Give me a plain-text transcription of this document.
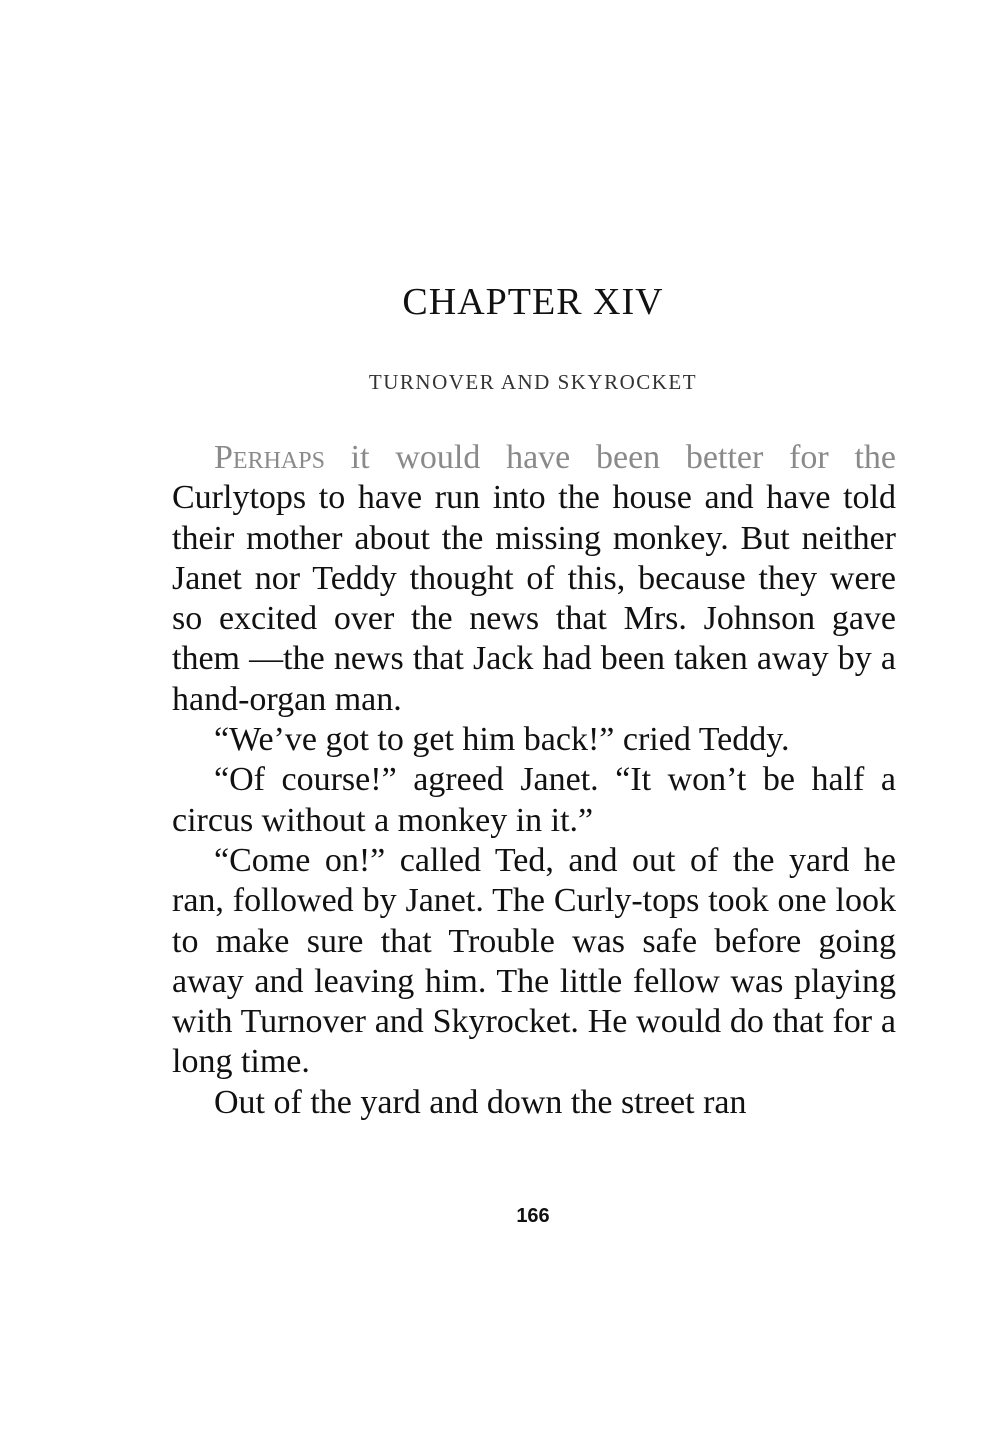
CHAPTER XIV
TURNOVER AND SKYROCKET

Perhaps it would have been better for the Curlytops to have run into the house and have told their mother about the missing monkey. But neither Janet nor Teddy thought of this, because they were so excited over the news that Mrs. Johnson gave them —the news that Jack had been taken away by a hand-organ man.

“We’ve got to get him back!” cried Teddy.

“Of course!” agreed Janet. “It won’t be half a circus without a monkey in it.”

“Come on!” called Ted, and out of the yard he ran, followed by Janet. The Curly-tops took one look to make sure that Trouble was safe before going away and leaving him. The little fellow was playing with Turnover and Skyrocket. He would do that for a long time.

Out of the yard and down the street ran

166
